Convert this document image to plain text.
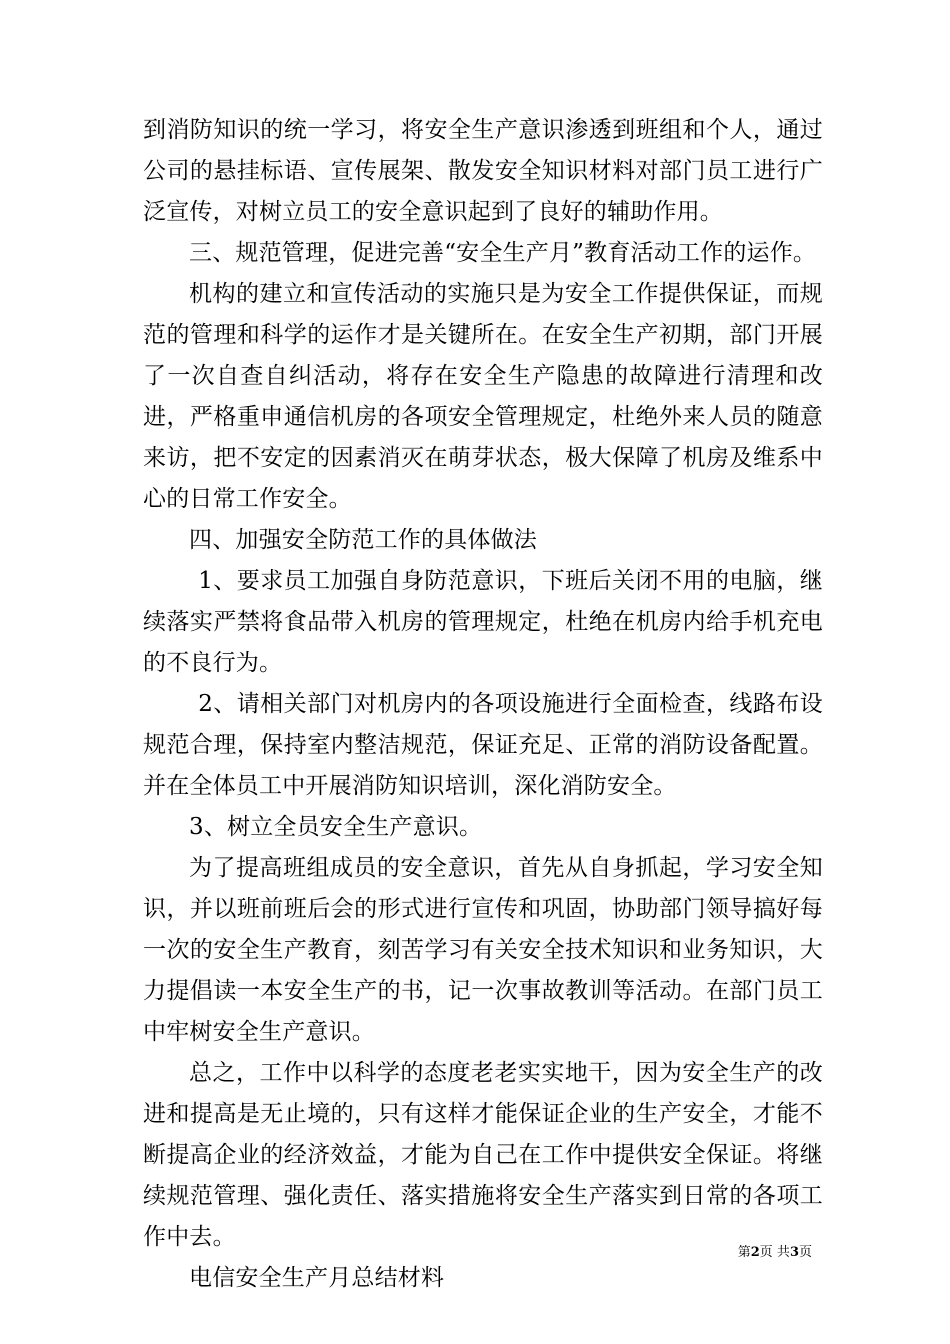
到消防知识的统一学习，将安全生产意识渗透到班组和个人，通过公司的悬挂标语、宣传展架、散发安全知识材料对部门员工进行广泛宣传，对树立员工的安全意识起到了良好的辅助作用。

三、规范管理，促进完善“安全生产月”教育活动工作的运作。

机构的建立和宣传活动的实施只是为安全工作提供保证，而规范的管理和科学的运作才是关键所在。在安全生产初期，部门开展了一次自查自纠活动，将存在安全生产隐患的故障进行清理和改进，严格重申通信机房的各项安全管理规定，杜绝外来人员的随意来访，把不安定的因素消灭在萌芽状态，极大保障了机房及维系中心的日常工作安全。

四、加强安全防范工作的具体做法

1、要求员工加强自身防范意识，下班后关闭不用的电脑，继续落实严禁将食品带入机房的管理规定，杜绝在机房内给手机充电的不良行为。

2、请相关部门对机房内的各项设施进行全面检查，线路布设规范合理，保持室内整洁规范，保证充足、正常的消防设备配置。并在全体员工中开展消防知识培训，深化消防安全。

3、树立全员安全生产意识。

为了提高班组成员的安全意识，首先从自身抓起，学习安全知识，并以班前班后会的形式进行宣传和巩固，协助部门领导搞好每一次的安全生产教育，刻苦学习有关安全技术知识和业务知识，大力提倡读一本安全生产的书，记一次事故教训等活动。在部门员工中牢树安全生产意识。

总之，工作中以科学的态度老老实实地干，因为安全生产的改进和提高是无止境的，只有这样才能保证企业的生产安全，才能不断提高企业的经济效益，才能为自己在工作中提供安全保证。将继续规范管理、强化责任、落实措施将安全生产落实到日常的各项工作中去。

电信安全生产月总结材料

第2页 共3页
